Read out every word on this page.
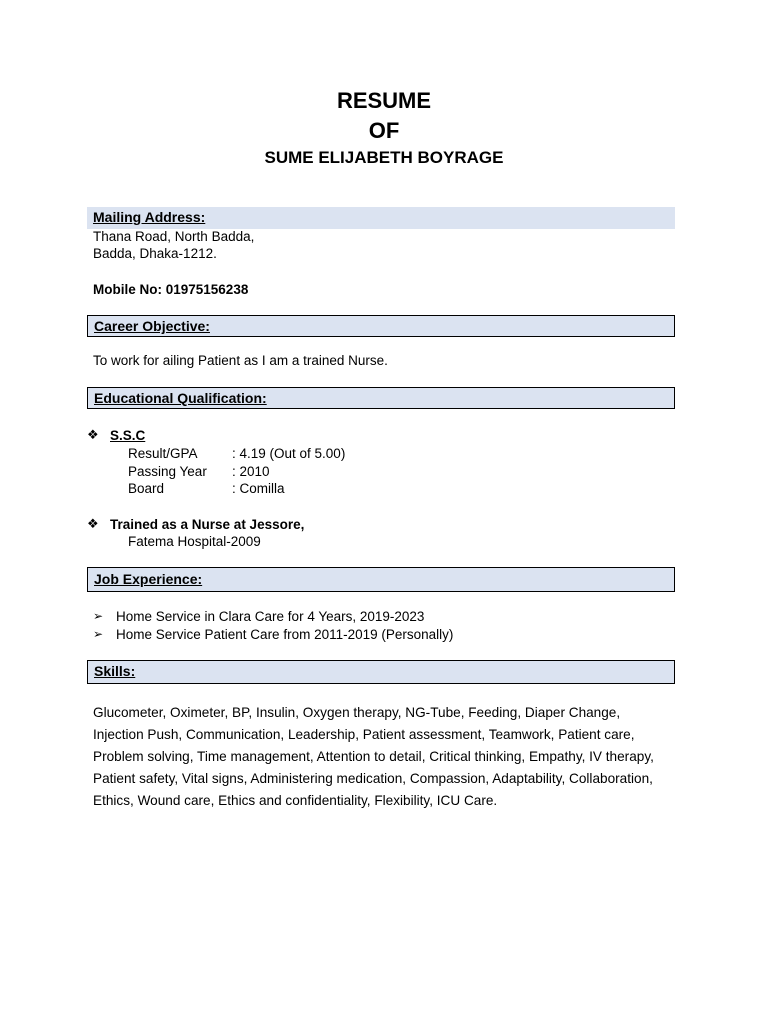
RESUME
OF
SUME ELIJABETH BOYRAGE
Mailing Address:
Thana Road, North Badda,
Badda, Dhaka-1212.
Mobile No: 01975156238
Career Objective:
To work for ailing Patient as I am a trained Nurse.
Educational Qualification:
❖ S.S.C
Result/GPA	: 4.19 (Out of 5.00)
Passing Year : 2010
Board	: Comilla
❖ Trained as a Nurse at Jessore,
Fatema Hospital-2009
Job Experience:
➢ Home Service in Clara Care for 4 Years, 2019-2023
➢ Home Service Patient Care from 2011-2019 (Personally)
Skills:
Glucometer, Oximeter, BP, Insulin, Oxygen therapy, NG-Tube, Feeding, Diaper Change, Injection Push, Communication, Leadership, Patient assessment, Teamwork, Patient care, Problem solving, Time management, Attention to detail, Critical thinking, Empathy, IV therapy, Patient safety, Vital signs, Administering medication, Compassion, Adaptability, Collaboration, Ethics, Wound care, Ethics and confidentiality, Flexibility, ICU Care.
